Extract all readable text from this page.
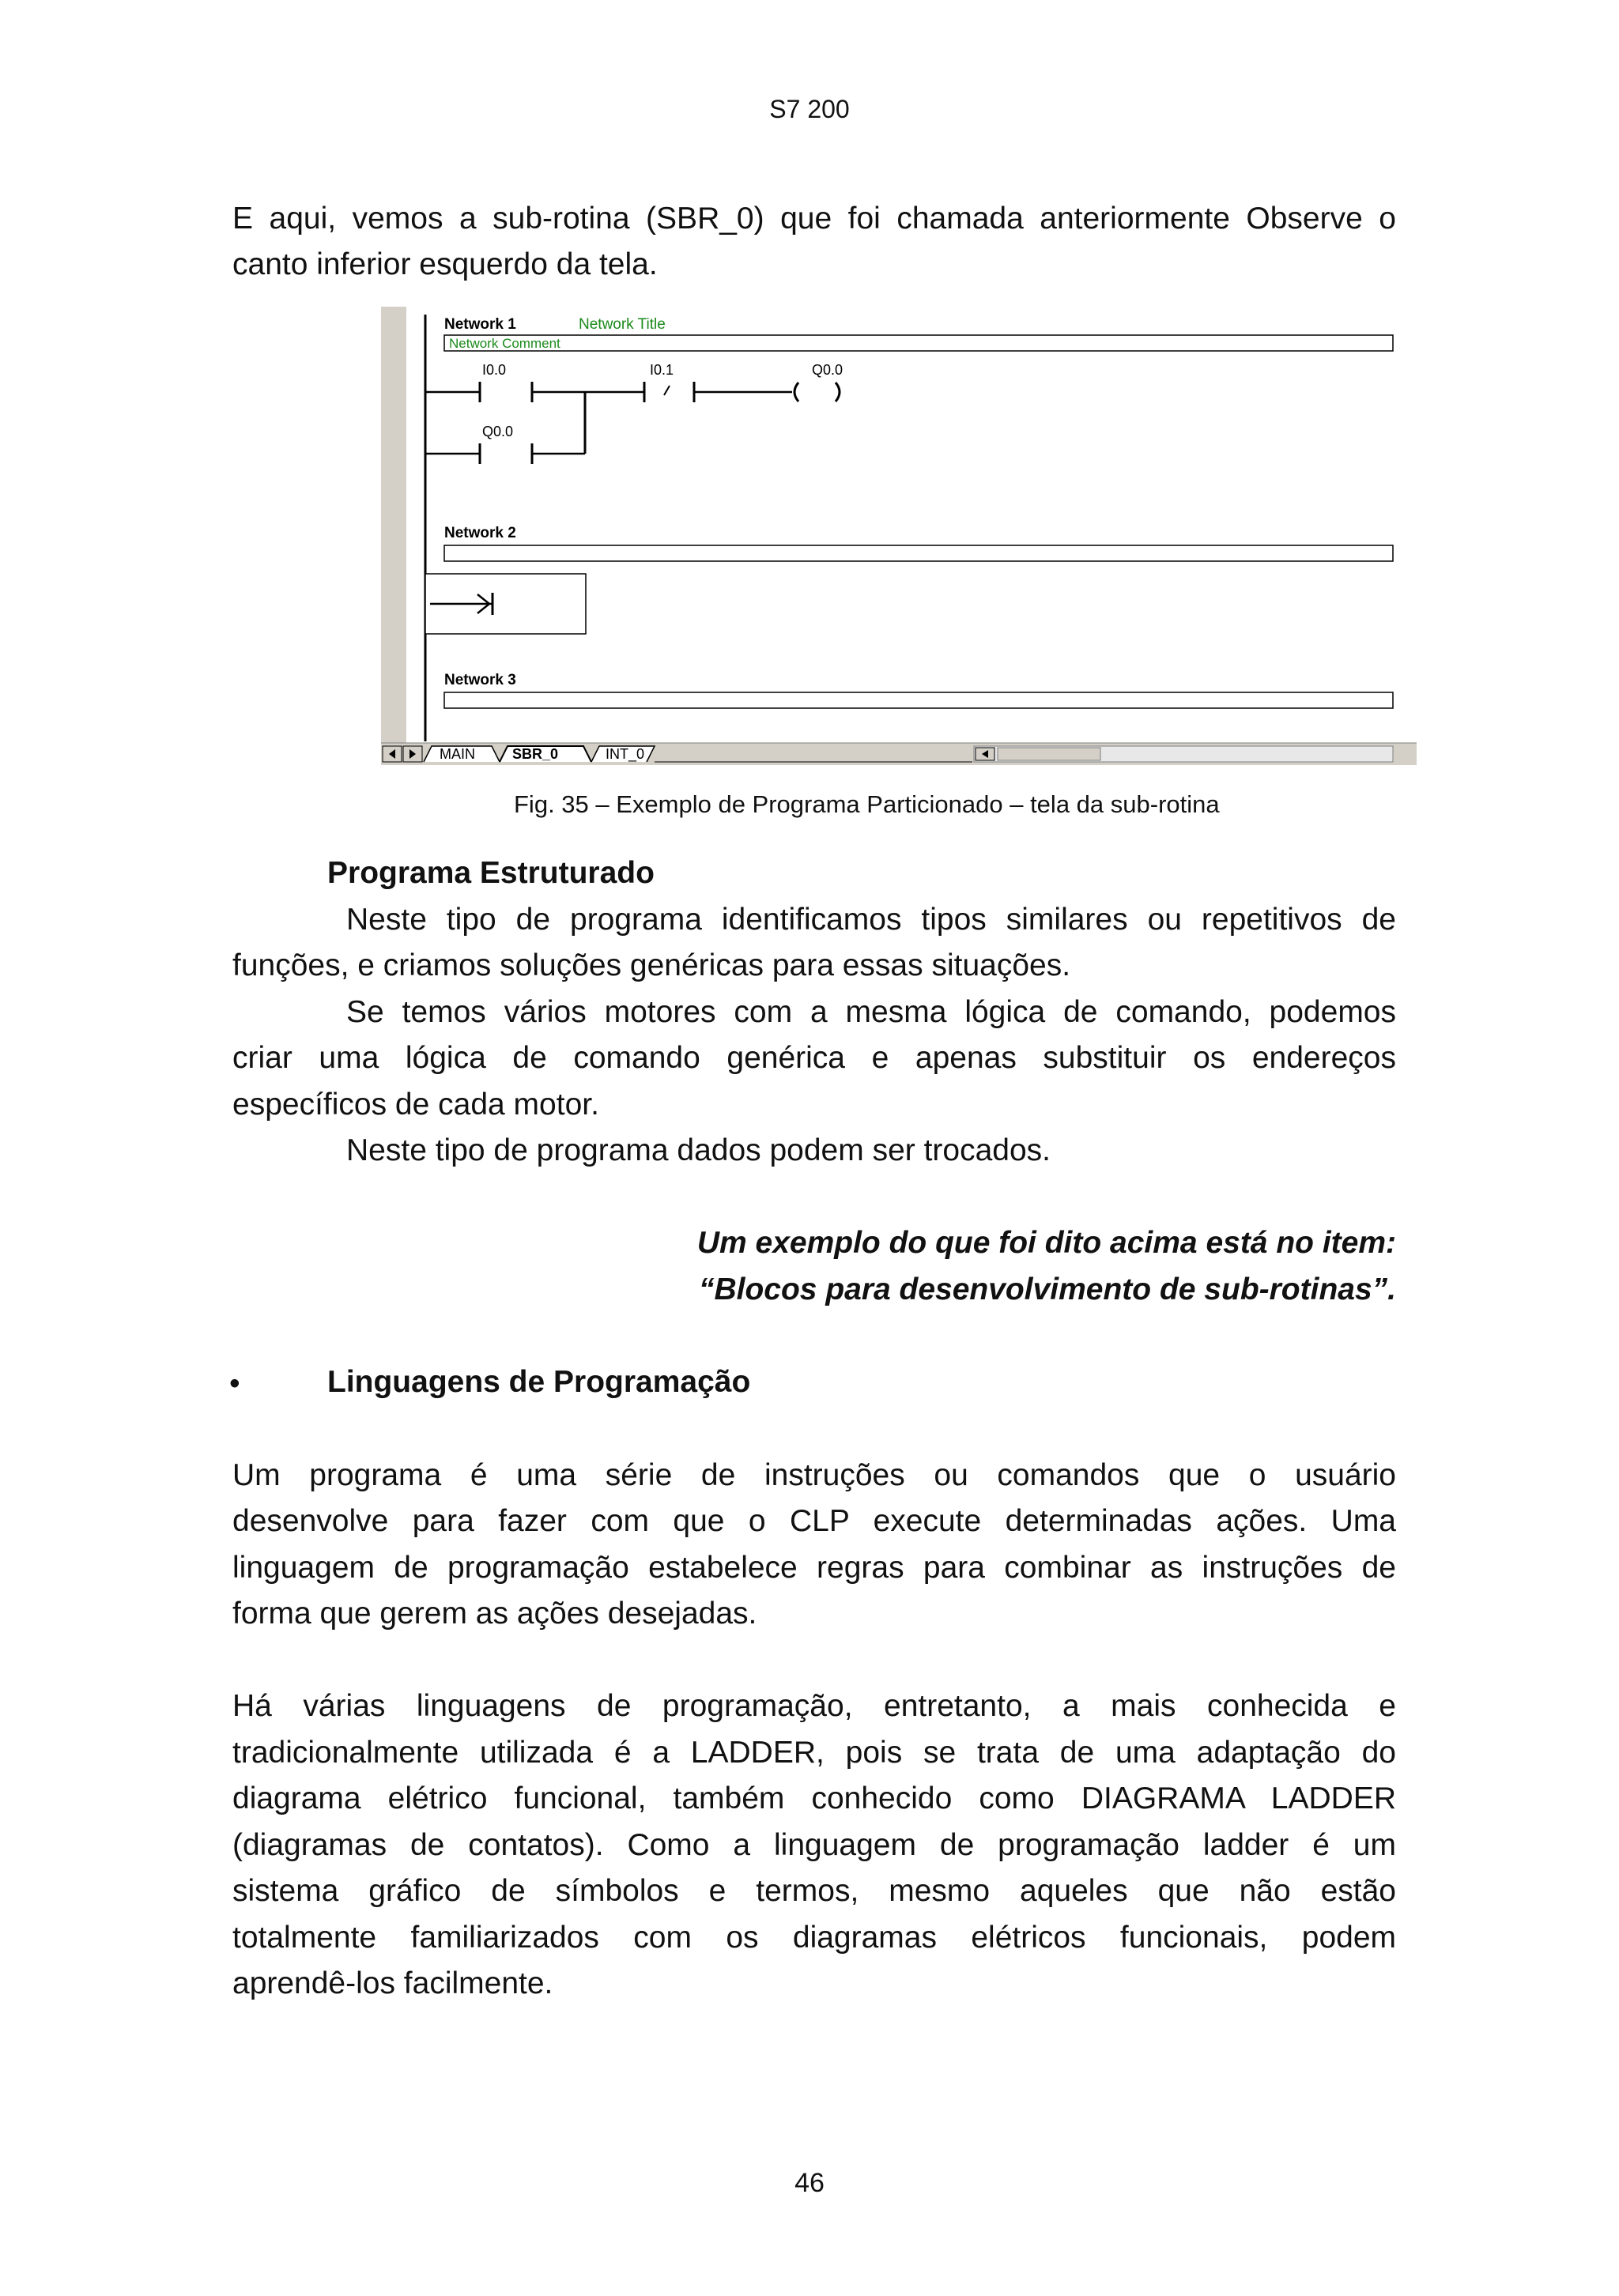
S7 200
E aqui, vemos a sub-rotina (SBR_0) que foi chamada anteriormente Observe o
canto inferior esquerdo da tela.
Network 1	Network Title
Network Comment
I0.0	I0.1	Q0.0
Q0.0
Network 2
Network 3
MAIN	SBR_0	INT_0
Fig. 35 – Exemplo de Programa Particionado – tela da sub-rotina
Programa Estruturado
Neste tipo de programa identificamos tipos similares ou repetitivos de
funções, e criamos soluções genéricas para essas situações.
Se temos vários motores com a mesma lógica de comando, podemos
criar uma lógica de comando genérica e apenas substituir os endereços
específicos de cada motor.
Neste tipo de programa dados podem ser trocados.
Um exemplo do que foi dito acima está no item:
“Blocos para desenvolvimento de sub-rotinas”.
•	Linguagens de Programação
Um programa é uma série de instruções ou comandos que o usuário
desenvolve para fazer com que o CLP execute determinadas ações. Uma
linguagem de programação estabelece regras para combinar as instruções de
forma que gerem as ações desejadas.
Há várias linguagens de programação, entretanto, a mais conhecida e
tradicionalmente utilizada é a LADDER, pois se trata de uma adaptação do
diagrama elétrico funcional, também conhecido como DIAGRAMA LADDER
(diagramas de contatos). Como a linguagem de programação ladder é um
sistema gráfico de símbolos e termos, mesmo aqueles que não estão
totalmente familiarizados com os diagramas elétricos funcionais, podem
aprendê-los facilmente.
46
